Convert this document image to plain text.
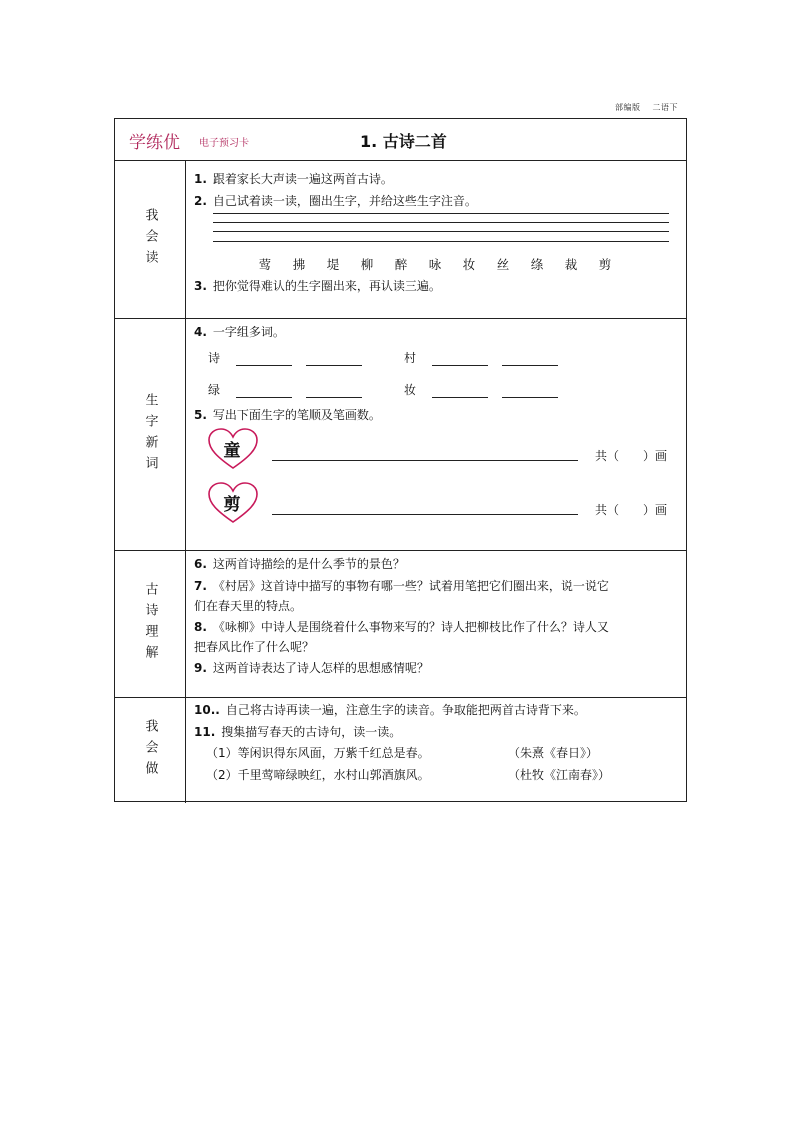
部编版 二语下
学练优 电子预习卡	1. 古诗二首
我会读
1. 跟着家长大声读一遍这两首古诗。
2. 自己试着读一读，圈出生字，并给这些生字注音。
莺 拂 堤 柳 醉 咏 妆 丝 绦 裁 剪
3. 把你觉得难认的生字圈出来，再认读三遍。
生字新词
4. 一字组多词。
诗	村
绿	妆
5. 写出下面生字的笔顺及笔画数。
童	共（　　）画
剪	共（　　）画
古诗理解
6. 这两首诗描绘的是什么季节的景色？
7. 《村居》这首诗中描写的事物有哪一些？试着用笔把它们圈出来，说一说它
们在春天里的特点。
8. 《咏柳》中诗人是围绕着什么事物来写的？诗人把柳枝比作了什么？诗人又
把春风比作了什么呢？
9. 这两首诗表达了诗人怎样的思想感情呢？
我会做
10.. 自己将古诗再读一遍，注意生字的读音。争取能把两首古诗背下来。
11. 搜集描写春天的古诗句，读一读。
（1）等闲识得东风面，万紫千红总是春。	（朱熹《春日》）
（2）千里莺啼绿映红，水村山郭酒旗风。	（杜牧《江南春》）
